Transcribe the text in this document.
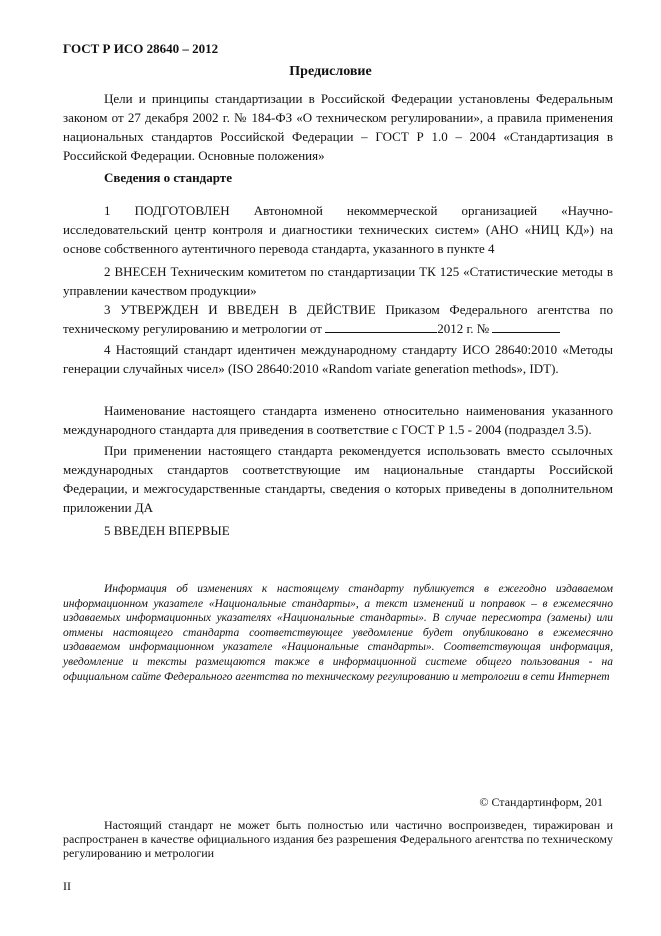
ГОСТ Р ИСО 28640 – 2012
Предисловие

Цели и принципы стандартизации в Российской Федерации установлены Федеральным законом от 27 декабря 2002 г. № 184-ФЗ «О техническом регулировании», а правила применения национальных стандартов Российской Федерации – ГОСТ Р 1.0 – 2004 «Стандартизация в Российской Федерации. Основные положения»

Сведения о стандарте

1 ПОДГОТОВЛЕН Автономной некоммерческой организацией «Научно-исследовательский центр контроля и диагностики технических систем» (АНО «НИЦ КД») на основе собственного аутентичного перевода стандарта, указанного в пункте 4

2 ВНЕСЕН Техническим комитетом по стандартизации ТК 125 «Статистические методы в управлении качеством продукции»

3 УТВЕРЖДЕН И ВВЕДЕН В ДЕЙСТВИЕ Приказом Федерального агентства по техническому регулированию и метрологии от	2012 г. №

4 Настоящий стандарт идентичен международному стандарту ИСО 28640:2010 «Методы генерации случайных чисел» (ISO 28640:2010 «Random variate generation methods», IDT).

Наименование настоящего стандарта изменено относительно наименования указанного международного стандарта для приведения в соответствие с ГОСТ Р 1.5 - 2004 (подраздел 3.5).

При применении настоящего стандарта рекомендуется использовать вместо ссылочных международных стандартов соответствующие им национальные стандарты Российской Федерации, и межгосударственные стандарты, сведения о которых приведены в дополнительном приложении ДА

5 ВВЕДЕН ВПЕРВЫЕ

Информация об изменениях к настоящему стандарту публикуется в ежегодно издаваемом информационном указателе «Национальные стандарты», а текст изменений и поправок – в ежемесячно издаваемых информационных указателях «Национальные стандарты». В случае пересмотра (замены) или отмены настоящего стандарта соответствующее уведомление будет опубликовано в ежемесячно издаваемом информационном указателе «Национальные стандарты». Соответствующая информация, уведомление и тексты размещаются также в информационной системе общего пользования - на официальном сайте Федерального агентства по техническому регулированию и метрологии в сети Интернет

© Стандартинформ, 201

Настоящий стандарт не может быть полностью или частично воспроизведен, тиражирован и распространен в качестве официального издания без разрешения Федерального агентства по техническому регулированию и метрологии

II
